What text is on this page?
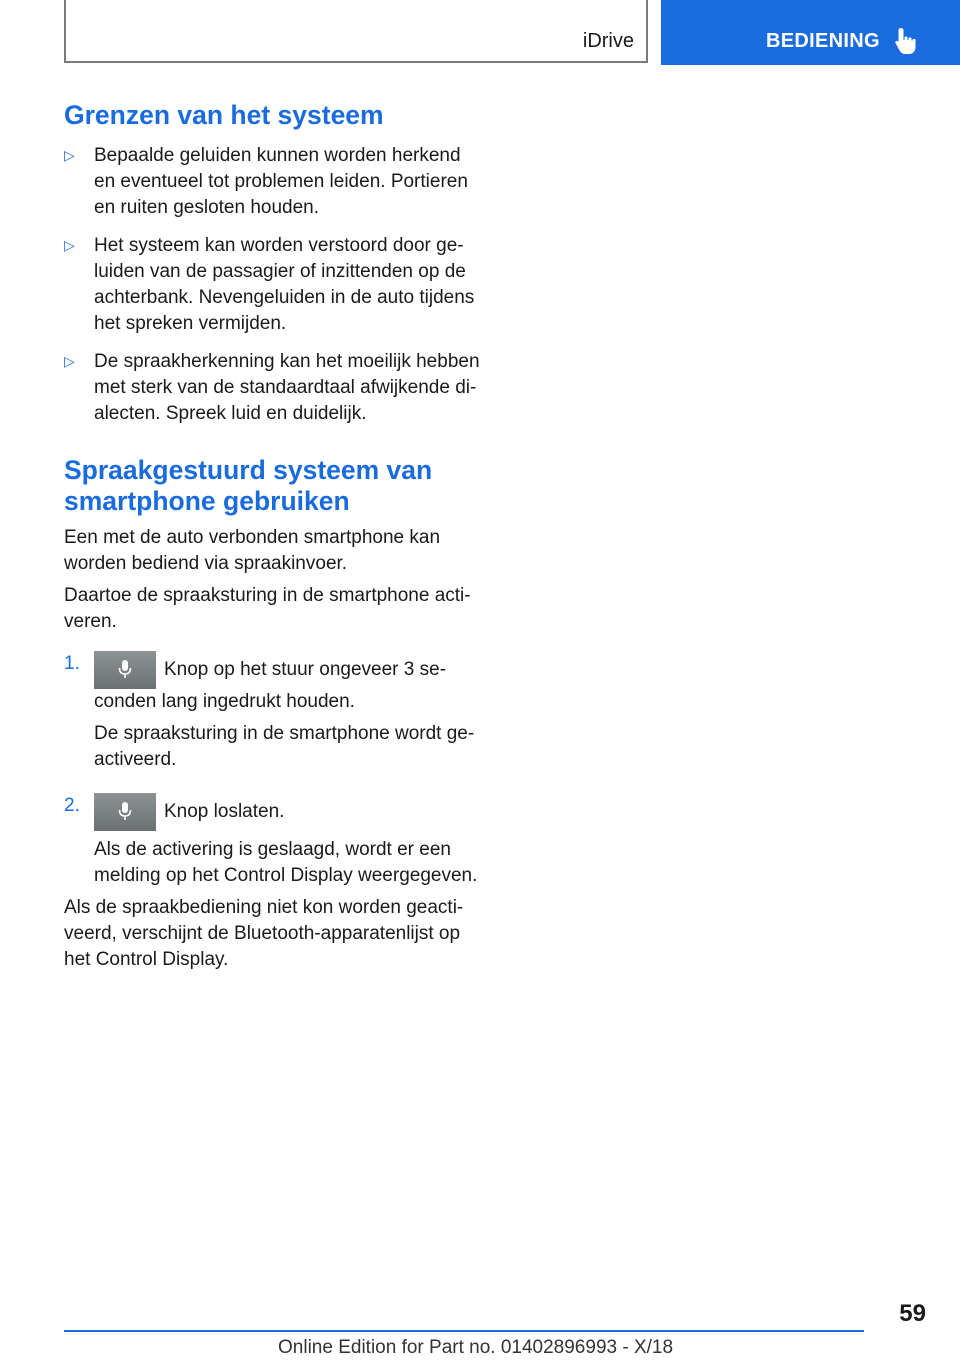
iDrive	BEDIENING
Grenzen van het systeem
▷ Bepaalde geluiden kunnen worden herkend

en eventueel tot problemen leiden. Portieren

en ruiten gesloten houden.

▷ Het systeem kan worden verstoord door ge-

luiden van de passagier of inzittenden op de

achterbank. Nevengeluiden in de auto tijdens

het spreken vermijden.

▷ De spraakherkenning kan het moeilijk hebben

met sterk van de standaardtaal afwijkende di-

alecten. Spreek luid en duidelijk.

Spraakgestuurd systeem van
smartphone gebruiken

Een met de auto verbonden smartphone kan

worden bediend via spraakinvoer.

Daartoe de spraaksturing in de smartphone acti-

veren.

1.	Knop op het stuur ongeveer 3 se-

conden lang ingedrukt houden.

De spraaksturing in de smartphone wordt ge-

activeerd.

2.	Knop loslaten.

Als de activering is geslaagd, wordt er een

melding op het Control Display weergegeven.

Als de spraakbediening niet kon worden geacti-

veerd, verschijnt de Bluetooth-apparatenlijst op

het Control Display.

59
Online Edition for Part no. 01402896993 - X/18
